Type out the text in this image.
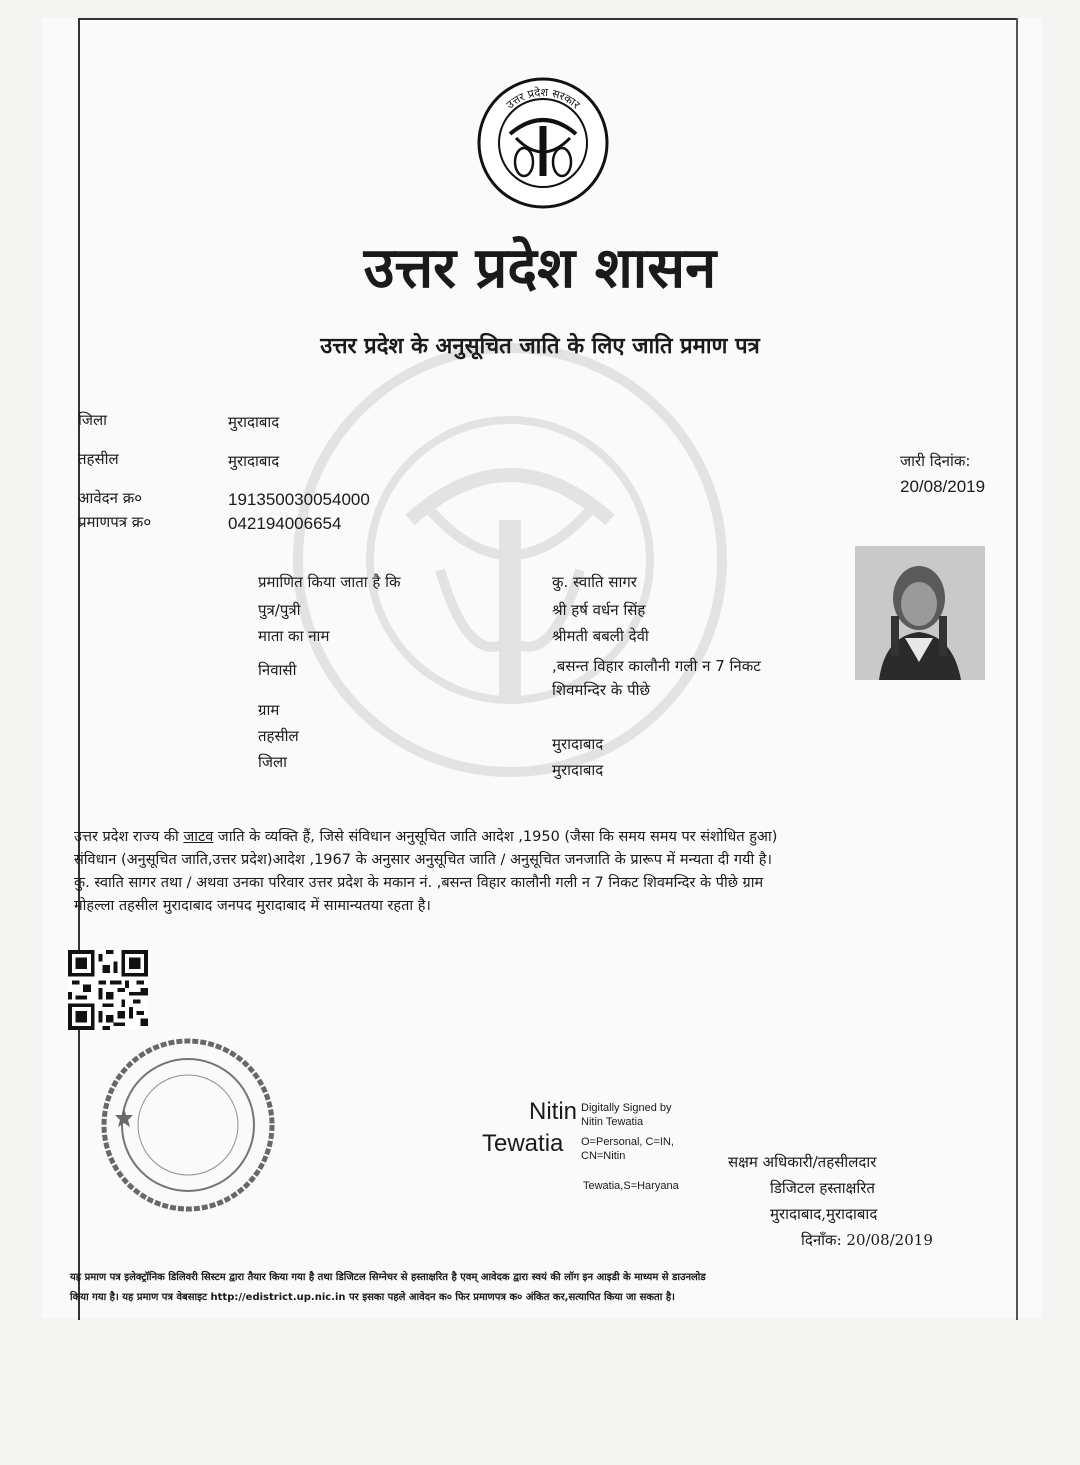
उत्तर प्रदेश सरकार
उत्तर प्रदेश शासन
उत्तर प्रदेश के अनुसूचित जाति के लिए जाति प्रमाण पत्र
जिला	मुरादाबाद
तहसील	मुरादाबाद
आवेदन क्र०	191350030054000
प्रमाणपत्र क्र०	042194006654
जारी दिनांक:
20/08/2019
प्रमाणित किया जाता है कि	कु. स्वाति सागर
पुत्र/पुत्री	श्री हर्ष वर्धन सिंह
माता का नाम	श्रीमती बबली देवी
निवासी	,बसन्त विहार कालौनी गली न 7 निकट
शिवमन्दिर के पीछे
ग्राम
तहसील	मुरादाबाद
जिला	मुरादाबाद
उत्तर प्रदेश राज्य की जाटव जाति के व्यक्ति हैं, जिसे संविधान अनुसूचित जाति आदेश ,1950 (जैसा कि समय समय पर संशोधित हुआ)
संविधान (अनुसूचित जाति,उत्तर प्रदेश)आदेश ,1967 के अनुसार अनुसूचित जाति / अनुसूचित जनजाति के प्रारूप में मन्यता दी गयी है।
कु. स्वाति सागर तथा / अथवा उनका परिवार उत्तर प्रदेश के मकान नं. ,बसन्त विहार कालौनी गली न 7 निकट शिवमन्दिर के पीछे ग्राम
मोहल्ला तहसील मुरादाबाद जनपद मुरादाबाद में सामान्यतया रहता है।
Nitin
Tewatia
Digitally Signed by
Nitin Tewatia
O=Personal, C=IN,
CN=Nitin
Tewatia,S=Haryana
सक्षम अधिकारी/तहसीलदार
डिजिटल हस्ताक्षरित
मुरादाबाद,मुरादाबाद
दिनाँक: 20/08/2019
यह प्रमाण पत्र इलेक्ट्रॉनिक डिलिवरी सिस्टम द्वारा तैयार किया गया है तथा डिजिटल सिग्नेचर से हस्ताक्षरित है एवम् आवेदक द्वारा स्वयं की लॉग इन आइडी के माध्यम से डाउनलोड
किया गया है। यह प्रमाण पत्र वेबसाइट http://edistrict.up.nic.in पर इसका पहले आवेदन क० फिर प्रमाणपत्र क० अंकित कर,सत्यापित किया जा सकता है।
